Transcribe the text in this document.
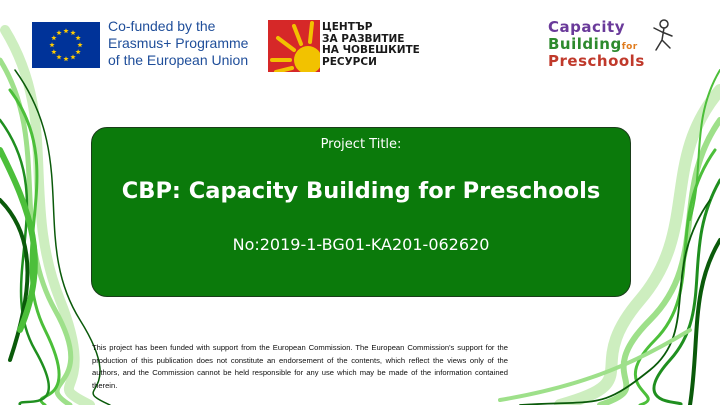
Co-funded by the
Erasmus+ Programme
of the European Union
ЦЕНТЪР
ЗА РАЗВИТИЕ
НА ЧОВЕШКИТЕ
РЕСУРСИ
Capacity
Buildingfor
Preschools
Project Title:
CBP: Capacity Building for Preschools
No:2019-1-BG01-KA201-062620
This project has been funded with support from the European Commission. The European Commission's support for the production of this publication does not constitute an endorsement of the contents, which reflect the views only of the authors, and the Commission cannot be held responsible for any use which may be made of the information contained therein.
